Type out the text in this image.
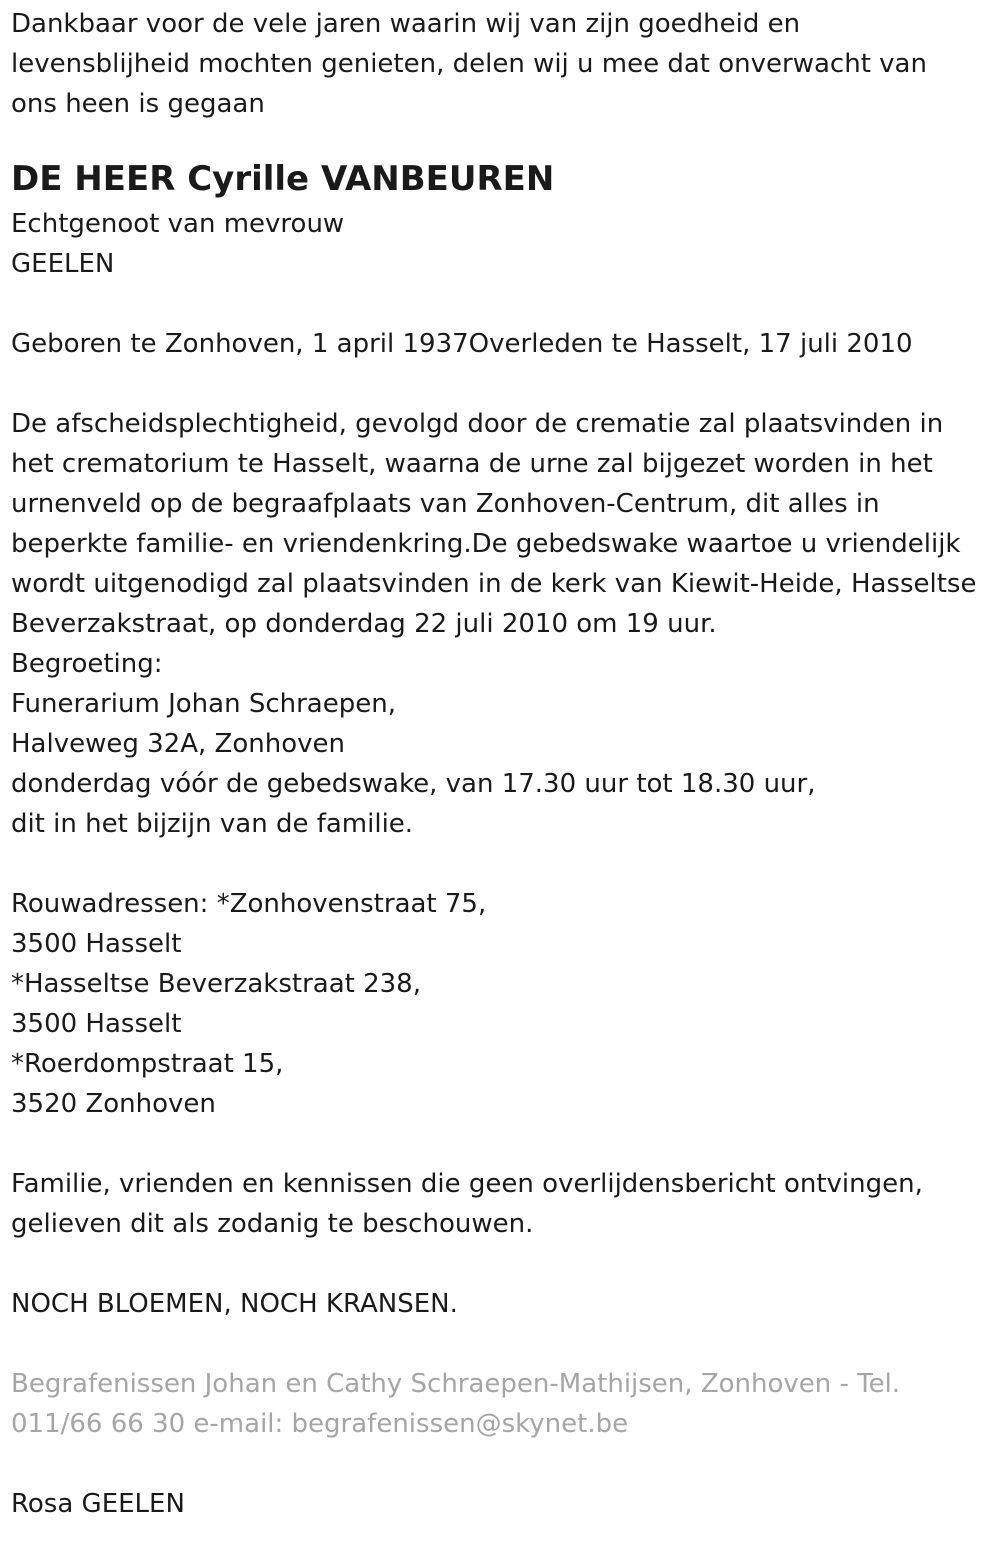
Dankbaar voor de vele jaren waarin wij van zijn goedheid en
levensblijheid mochten genieten, delen wij u mee dat onverwacht van
ons heen is gegaan
DE HEER Cyrille VANBEUREN
Echtgenoot van mevrouw
GEELEN
Geboren te Zonhoven, 1 april 1937Overleden te Hasselt, 17 juli 2010
De afscheidsplechtigheid, gevolgd door de crematie zal plaatsvinden in
het crematorium te Hasselt, waarna de urne zal bijgezet worden in het
urnenveld op de begraafplaats van Zonhoven-Centrum, dit alles in
beperkte familie- en vriendenkring.De gebedswake waartoe u vriendelijk
wordt uitgenodigd zal plaatsvinden in de kerk van Kiewit-Heide, Hasseltse
Beverzakstraat, op donderdag 22 juli 2010 om 19 uur.
Begroeting:
Funerarium Johan Schraepen,
Halveweg 32A, Zonhoven
donderdag vóór de gebedswake, van 17.30 uur tot 18.30 uur,
dit in het bijzijn van de familie.
Rouwadressen: *Zonhovenstraat 75,
3500 Hasselt
*Hasseltse Beverzakstraat 238,
3500 Hasselt
*Roerdompstraat 15,
3520 Zonhoven
Familie, vrienden en kennissen die geen overlijdensbericht ontvingen,
gelieven dit als zodanig te beschouwen.
NOCH BLOEMEN, NOCH KRANSEN.
Begrafenissen Johan en Cathy Schraepen-Mathijsen, Zonhoven - Tel.
011/66 66 30 e-mail: begrafenissen@skynet.be
Rosa GEELEN
